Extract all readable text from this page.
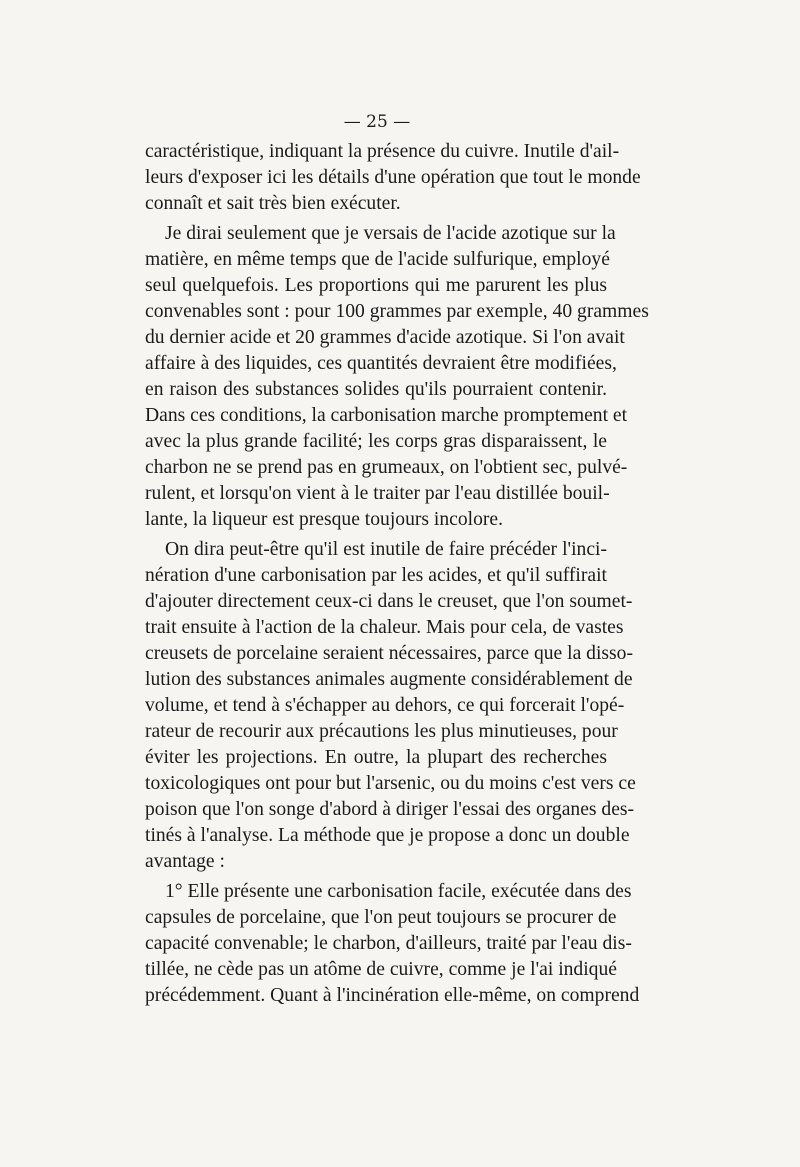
— 25 —
caractéristique, indiquant la présence du cuivre. Inutile d'ail-
leurs d'exposer ici les détails d'une opération que tout le monde
connaît et sait très bien exécuter.
Je dirai seulement que je versais de l'acide azotique sur la
matière, en même temps que de l'acide sulfurique, employé
seul quelquefois. Les proportions qui me parurent les plus
convenables sont : pour 100 grammes par exemple, 40 grammes
du dernier acide et 20 grammes d'acide azotique. Si l'on avait
affaire à des liquides, ces quantités devraient être modifiées,
en raison des substances solides qu'ils pourraient contenir.
Dans ces conditions, la carbonisation marche promptement et
avec la plus grande facilité; les corps gras disparaissent, le
charbon ne se prend pas en grumeaux, on l'obtient sec, pulvé-
rulent, et lorsqu'on vient à le traiter par l'eau distillée bouil-
lante, la liqueur est presque toujours incolore.
On dira peut-être qu'il est inutile de faire précéder l'inci-
nération d'une carbonisation par les acides, et qu'il suffirait
d'ajouter directement ceux-ci dans le creuset, que l'on soumet-
trait ensuite à l'action de la chaleur. Mais pour cela, de vastes
creusets de porcelaine seraient nécessaires, parce que la disso-
lution des substances animales augmente considérablement de
volume, et tend à s'échapper au dehors, ce qui forcerait l'opé-
rateur de recourir aux précautions les plus minutieuses, pour
éviter les projections. En outre, la plupart des recherches
toxicologiques ont pour but l'arsenic, ou du moins c'est vers ce
poison que l'on songe d'abord à diriger l'essai des organes des-
tinés à l'analyse. La méthode que je propose a donc un double
avantage :
1° Elle présente une carbonisation facile, exécutée dans des
capsules de porcelaine, que l'on peut toujours se procurer de
capacité convenable; le charbon, d'ailleurs, traité par l'eau dis-
tillée, ne cède pas un atôme de cuivre, comme je l'ai indiqué
précédemment. Quant à l'incinération elle-même, on comprend
